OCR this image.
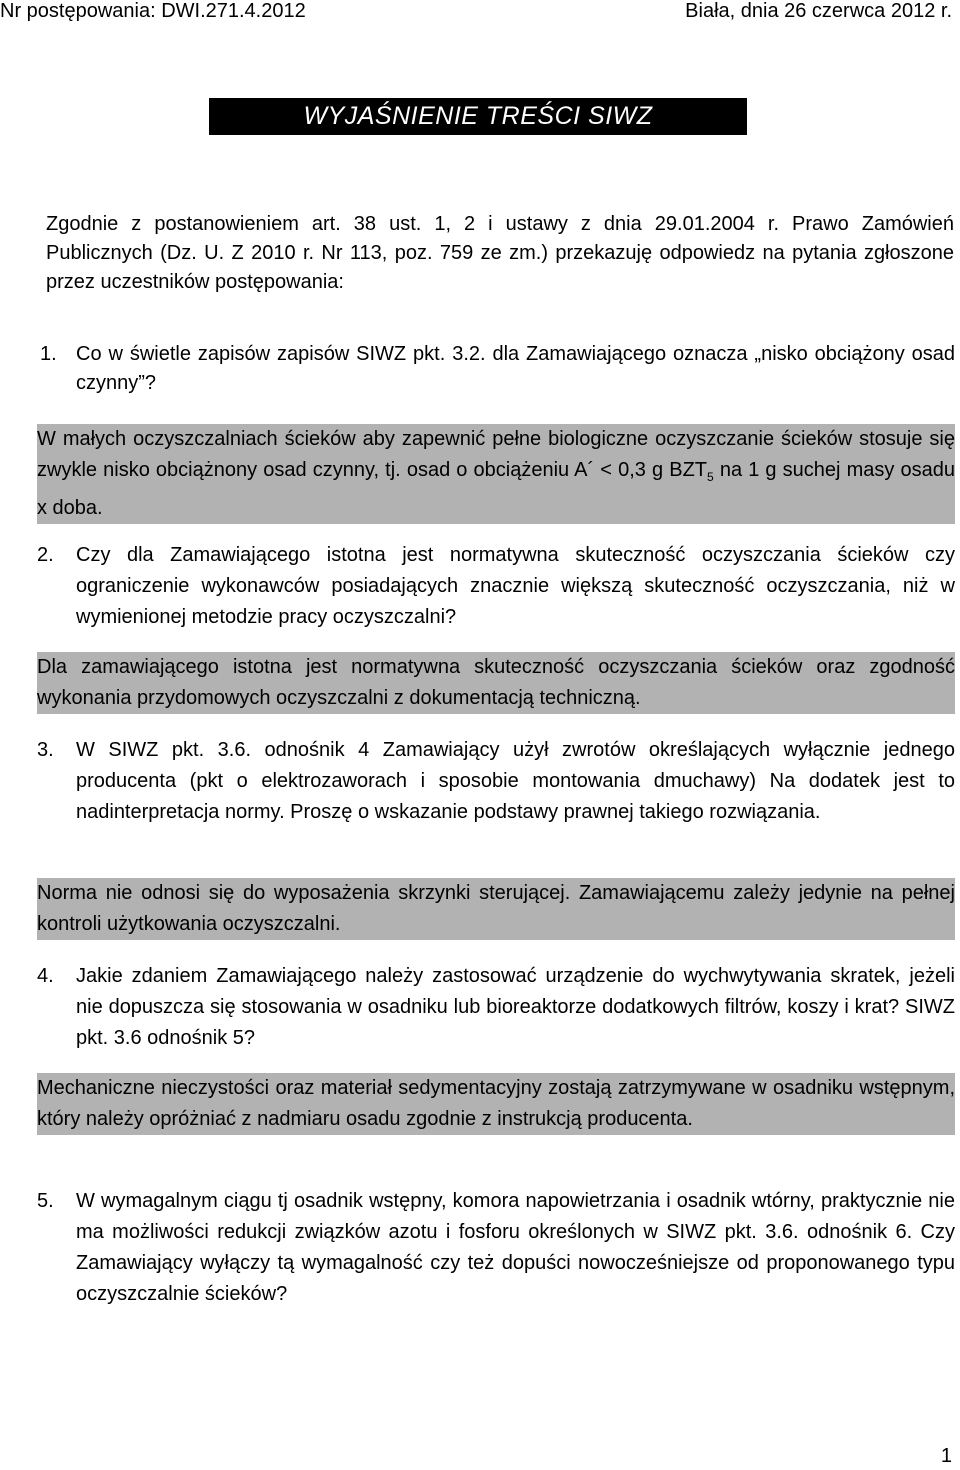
Nr postępowania: DWI.271.4.2012	Biała, dnia 26 czerwca 2012 r.
WYJAŚNIENIE TREŚCI SIWZ
Zgodnie z postanowieniem art. 38 ust. 1, 2 i ustawy z dnia 29.01.2004 r. Prawo Zamówień Publicznych (Dz. U. Z 2010 r. Nr 113, poz. 759 ze zm.) przekazuję odpowiedz na pytania zgłoszone przez uczestników postępowania:
1. Co w świetle zapisów zapisów SIWZ pkt. 3.2. dla Zamawiającego oznacza „nisko obciążony osad czynny”?
W małych oczyszczalniach ścieków aby zapewnić pełne biologiczne oczyszczanie ścieków stosuje się zwykle nisko obciążnony osad czynny, tj. osad o obciążeniu A´ < 0,3 g $BZT_5$ na 1 g suchej masy osadu x doba.
2. Czy dla Zamawiającego istotna jest normatywna skuteczność oczyszczania ścieków czy ograniczenie wykonawców posiadających znacznie większą skuteczność oczyszczania, niż w wymienionej metodzie pracy oczyszczalni?
Dla zamawiającego istotna jest normatywna skuteczność oczyszczania ścieków oraz zgodność wykonania przydomowych oczyszczalni z dokumentacją techniczną.
3. W SIWZ pkt. 3.6. odnośnik 4 Zamawiający użył zwrotów określających wyłącznie jednego producenta (pkt o elektrozaworach i sposobie montowania dmuchawy) Na dodatek jest to nadinterpretacja normy. Proszę o wskazanie podstawy prawnej takiego rozwiązania.
Norma nie odnosi się do wyposażenia skrzynki sterującej. Zamawiającemu zależy jedynie na pełnej kontroli użytkowania oczyszczalni.
4. Jakie zdaniem Zamawiającego należy zastosować urządzenie do wychwytywania skratek, jeżeli nie dopuszcza się stosowania w osadniku lub bioreaktorze dodatkowych filtrów, koszy i krat? SIWZ pkt. 3.6 odnośnik 5?
Mechaniczne nieczystości oraz materiał sedymentacyjny zostają zatrzymywane w osadniku wstępnym, który należy opróżniać z nadmiaru osadu zgodnie z instrukcją producenta.
5. W wymagalnym ciągu tj osadnik wstępny, komora napowietrzania i osadnik wtórny, praktycznie nie ma możliwości redukcji związków azotu i fosforu określonych w SIWZ pkt. 3.6. odnośnik 6. Czy Zamawiający wyłączy tą wymagalność czy też dopuści nowocześniejsze od proponowanego typu oczyszczalnie ścieków?
1
